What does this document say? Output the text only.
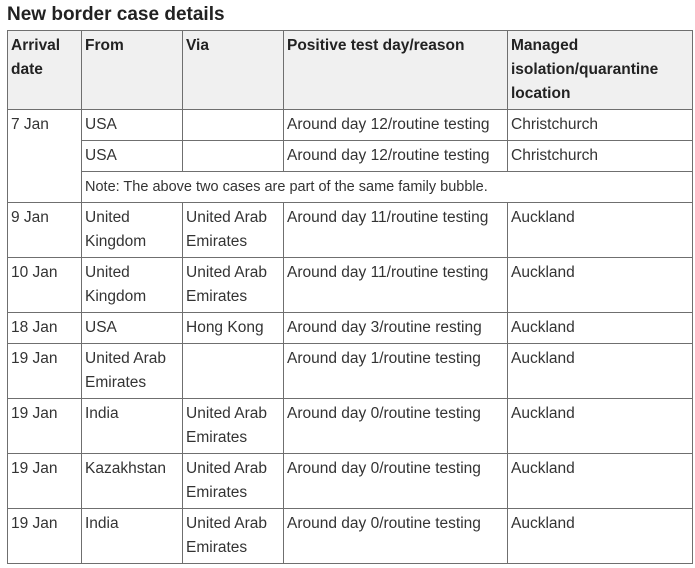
New border case details
Arrival date	From	Via	Positive test day/reason	Managed isolation/quarantine location
7 Jan	USA		Around day 12/routine testing	Christchurch
	USA		Around day 12/routine testing	Christchurch
	Note: The above two cases are part of the same family bubble.			
9 Jan	United Kingdom	United Arab Emirates	Around day 11/routine testing	Auckland
10 Jan	United Kingdom	United Arab Emirates	Around day 11/routine testing	Auckland
18 Jan	USA	Hong Kong	Around day 3/routine resting	Auckland
19 Jan	United Arab Emirates		Around day 1/routine testing	Auckland
19 Jan	India	United Arab Emirates	Around day 0/routine testing	Auckland
19 Jan	Kazakhstan	United Arab Emirates	Around day 0/routine testing	Auckland
19 Jan	India	United Arab Emirates	Around day 0/routine testing	Auckland
